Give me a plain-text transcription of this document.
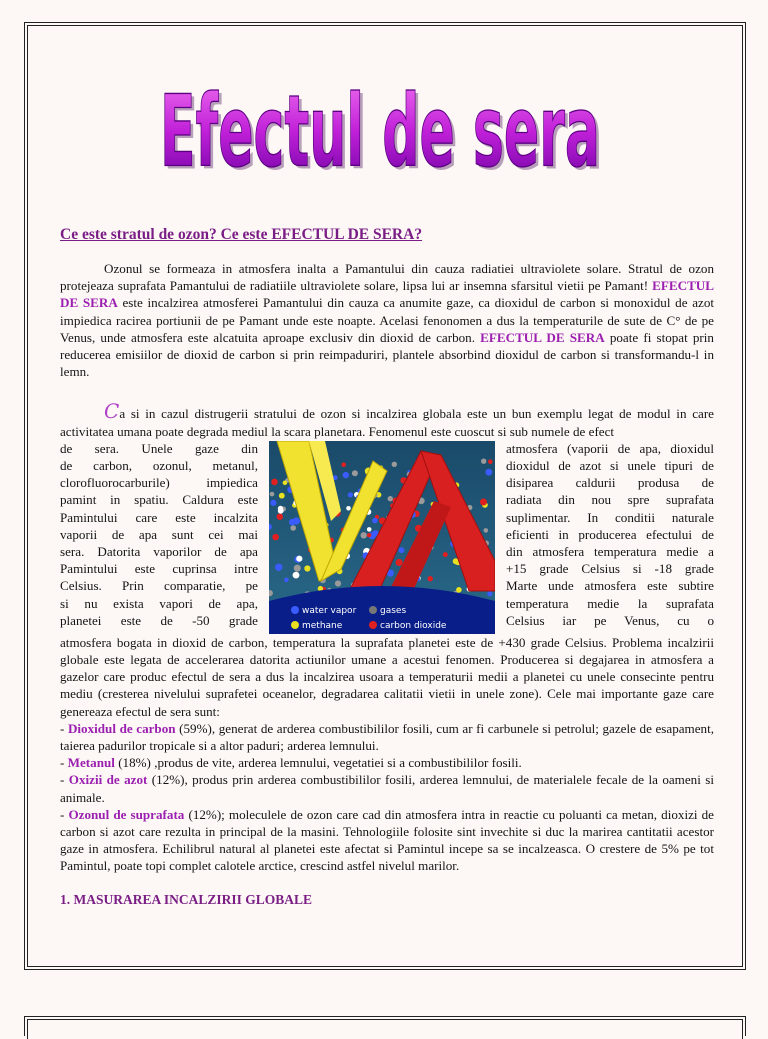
Efectul de sera
Efectul de sera
Ce este stratul de ozon? Ce este EFECTUL DE SERA?

Ozonul se formeaza in atmosfera inalta a Pamantului din cauza radiatiei ultraviolete solare. Stratul de ozon protejeaza suprafata Pamantului de radiatiile ultraviolete solare, lipsa lui ar insemna sfarsitul vietii pe Pamant! EFECTUL DE SERA este incalzirea atmosferei Pamantului din cauza ca anumite gaze, ca dioxidul de carbon si monoxidul de azot impiedica racirea portiunii de pe Pamant unde este noapte. Acelasi fenonomen a dus la temperaturile de sute de C° de pe Venus, unde atmosfera este alcatuita aproape exclusiv din dioxid de carbon. EFECTUL DE SERA poate fi stopat prin reducerea emisiilor de dioxid de carbon si prin reimpaduriri, plantele absorbind dioxidul de carbon si transformandu-l in lemn.

Ca si in cazul distrugerii stratului de ozon si incalzirea globala este un bun exemplu legat de modul in care activitatea umana poate degrada mediul la scara planetara. Fenomenul este cuoscut si sub numele de efect

de sera. Unele gaze din
de carbon, ozonul, metanul,
clorofluorocarburile) impiedica
pamint in spatiu. Caldura este
Pamintului care este incalzita
vaporii de apa sunt cei mai
sera. Datorita vaporilor de apa
Pamintului este cuprinsa intre
Celsius. Prin comparatie, pe
si nu exista vapori de apa,
planetei este de -50 grade
water vapor	gases
methane	carbon dioxide
atmosfera (vaporii de apa, dioxidul
dioxidul de azot si unele tipuri de
disiparea caldurii produsa de
radiata din nou spre suprafata
suplimentar. In conditii naturale
eficienti in producerea efectului de
din atmosfera temperatura medie a
+15 grade Celsius si -18 grade
Marte unde atmosfera este subtire
temperatura medie la suprafata
Celsius iar pe Venus, cu o

atmosfera bogata in dioxid de carbon, temperatura la suprafata planetei este de +430 grade Celsius. Problema incalzirii globale este legata de accelerarea datorita actiunilor umane a acestui fenomen. Producerea si degajarea in atmosfera a gazelor care produc efectul de sera a dus la incalzirea usoara a temperaturii medii a planetei cu unele consecinte pentru mediu (cresterea nivelului suprafetei oceanelor, degradarea calitatii vietii in unele zone). Cele mai importante gaze care genereaza efectul de sera sunt:

- Dioxidul de carbon (59%), generat de arderea combustibililor fosili, cum ar fi carbunele si petrolul; gazele de esapament, taierea padurilor tropicale si a altor paduri; arderea lemnului.

- Metanul (18%) ,produs de vite, arderea lemnului, vegetatiei si a combustibililor fosili.

- Oxizii de azot (12%), produs prin arderea combustibililor fosili, arderea lemnului, de materialele fecale de la oameni si animale.

- Ozonul de suprafata (12%); moleculele de ozon care cad din atmosfera intra in reactie cu poluanti ca metan, dioxizi de carbon si azot care rezulta in principal de la masini. Tehnologiile folosite sint invechite si duc la marirea cantitatii acestor gaze in atmosfera. Echilibrul natural al planetei este afectat si Pamintul incepe sa se incalzeasca. O crestere de 5% pe tot Pamintul, poate topi complet calotele arctice, crescind astfel nivelul marilor.

1. MASURAREA INCALZIRII GLOBALE
